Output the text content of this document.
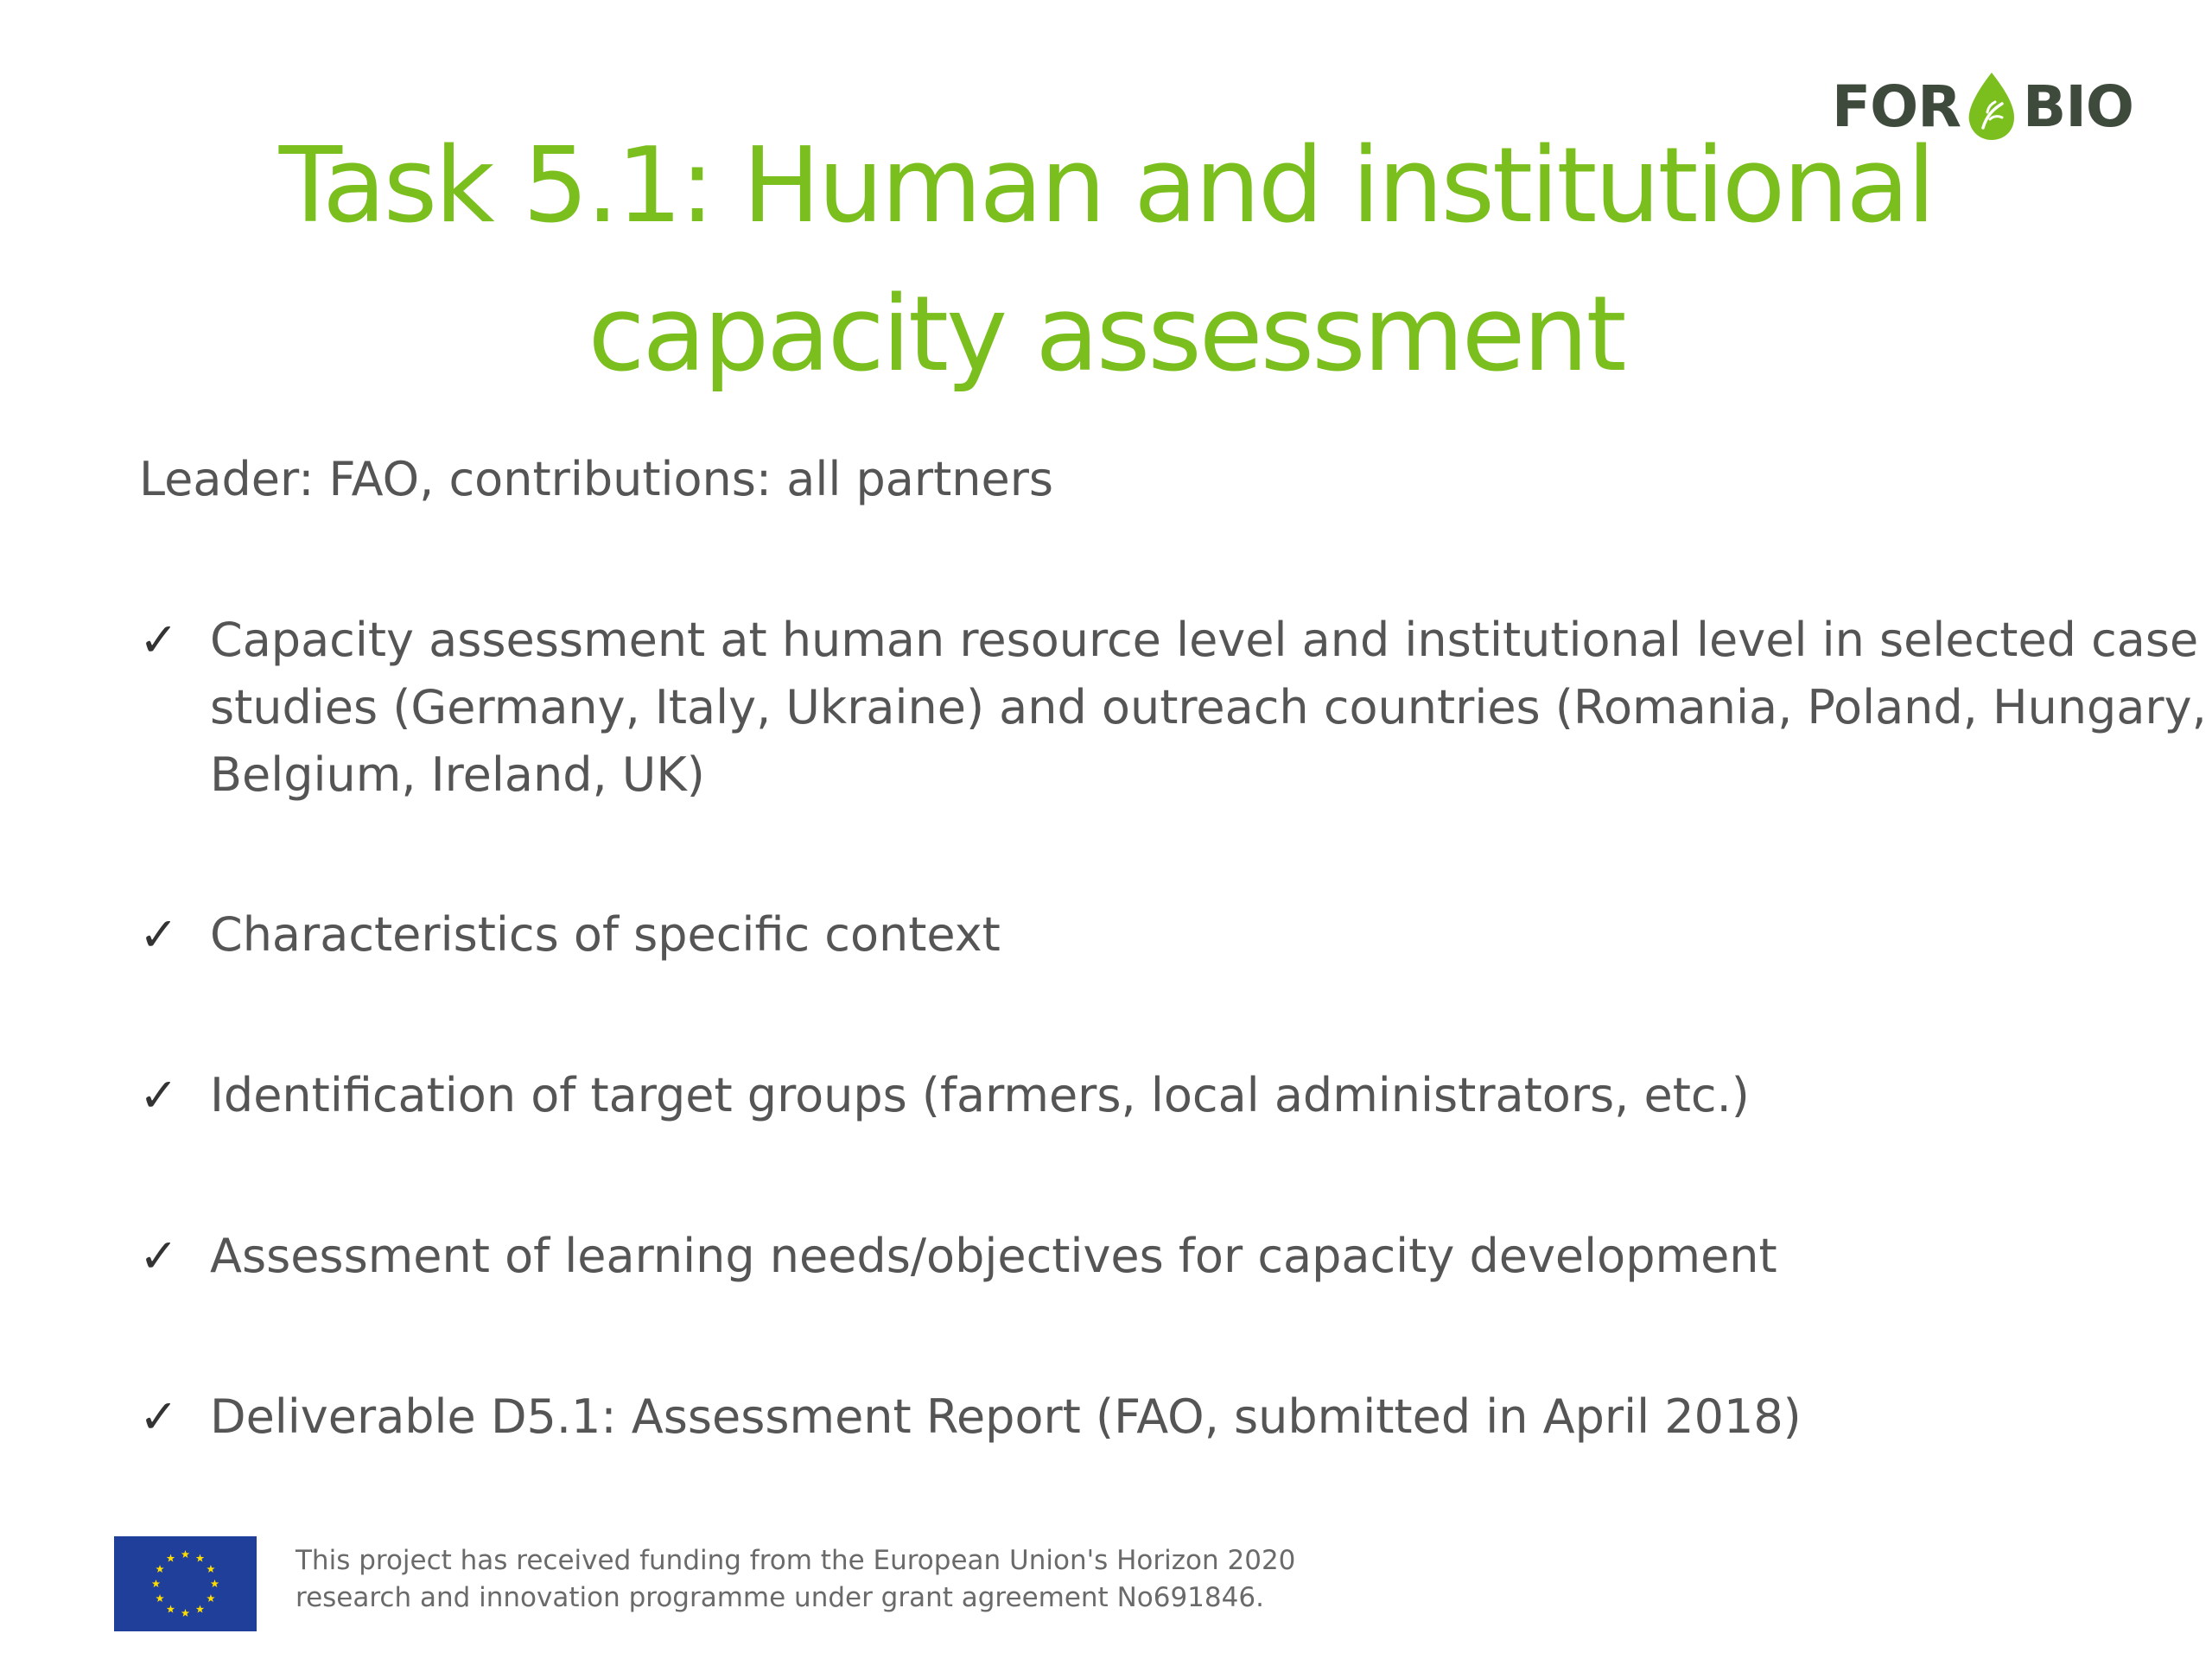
FOR BIO
Task 5.1: Human and institutional
capacity assessment
Leader: FAO, contributions: all partners
✓ Capacity assessment at human resource level and institutional level in selected case
studies (Germany, Italy, Ukraine) and outreach countries (Romania, Poland, Hungary,
Belgium, Ireland, UK)
✓ Characteristics of specific context
✓ Identification of target groups (farmers, local administrators, etc.)
✓ Assessment of learning needs/objectives for capacity development
✓ Deliverable D5.1: Assessment Report (FAO, submitted in April 2018)
This project has received funding from the European Union's Horizon 2020
research and innovation programme under grant agreement No691846.
